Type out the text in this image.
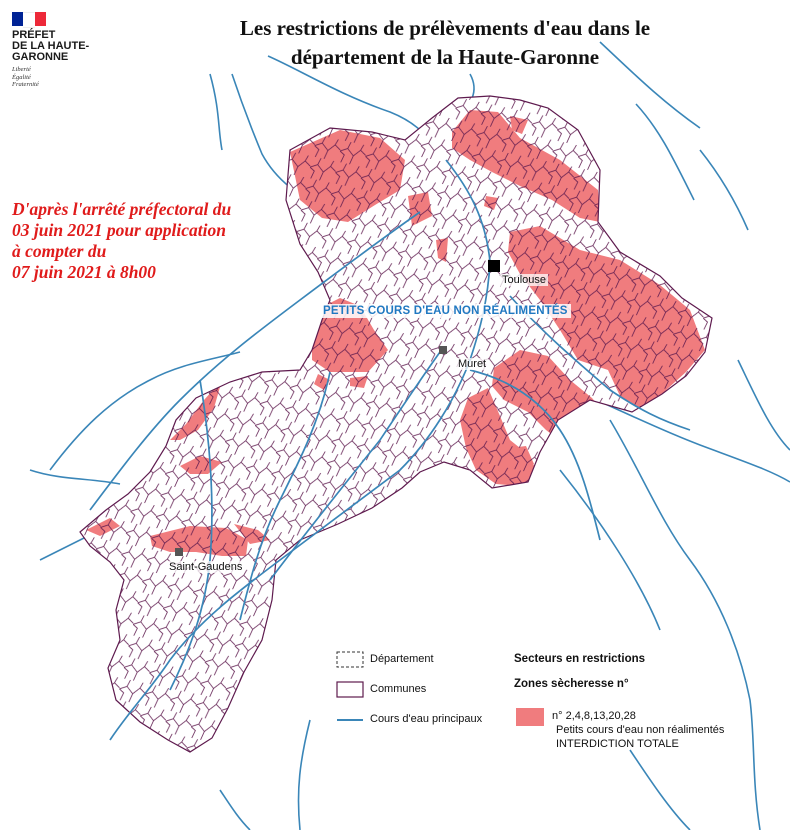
PRÉFET
DE LA HAUTE-
GARONNE
Liberté
Égalité
Fraternité
Les restrictions de prélèvements d'eau dans le
département de la Haute-Garonne
D'après l'arrêté préfectoral du
03 juin 2021 pour application
à compter du
07 juin 2021 à 8h00	Toulouse
Muret
Saint-Gaudens
PETITS COURS D'EAU NON RÉALIMENTÉS
Département
Communes
Cours d'eau principaux
Secteurs en restrictions
Zones sècheresse n°
n° 2,4,8,13,20,28
Petits cours d'eau non réalimentés
INTERDICTION TOTALE
